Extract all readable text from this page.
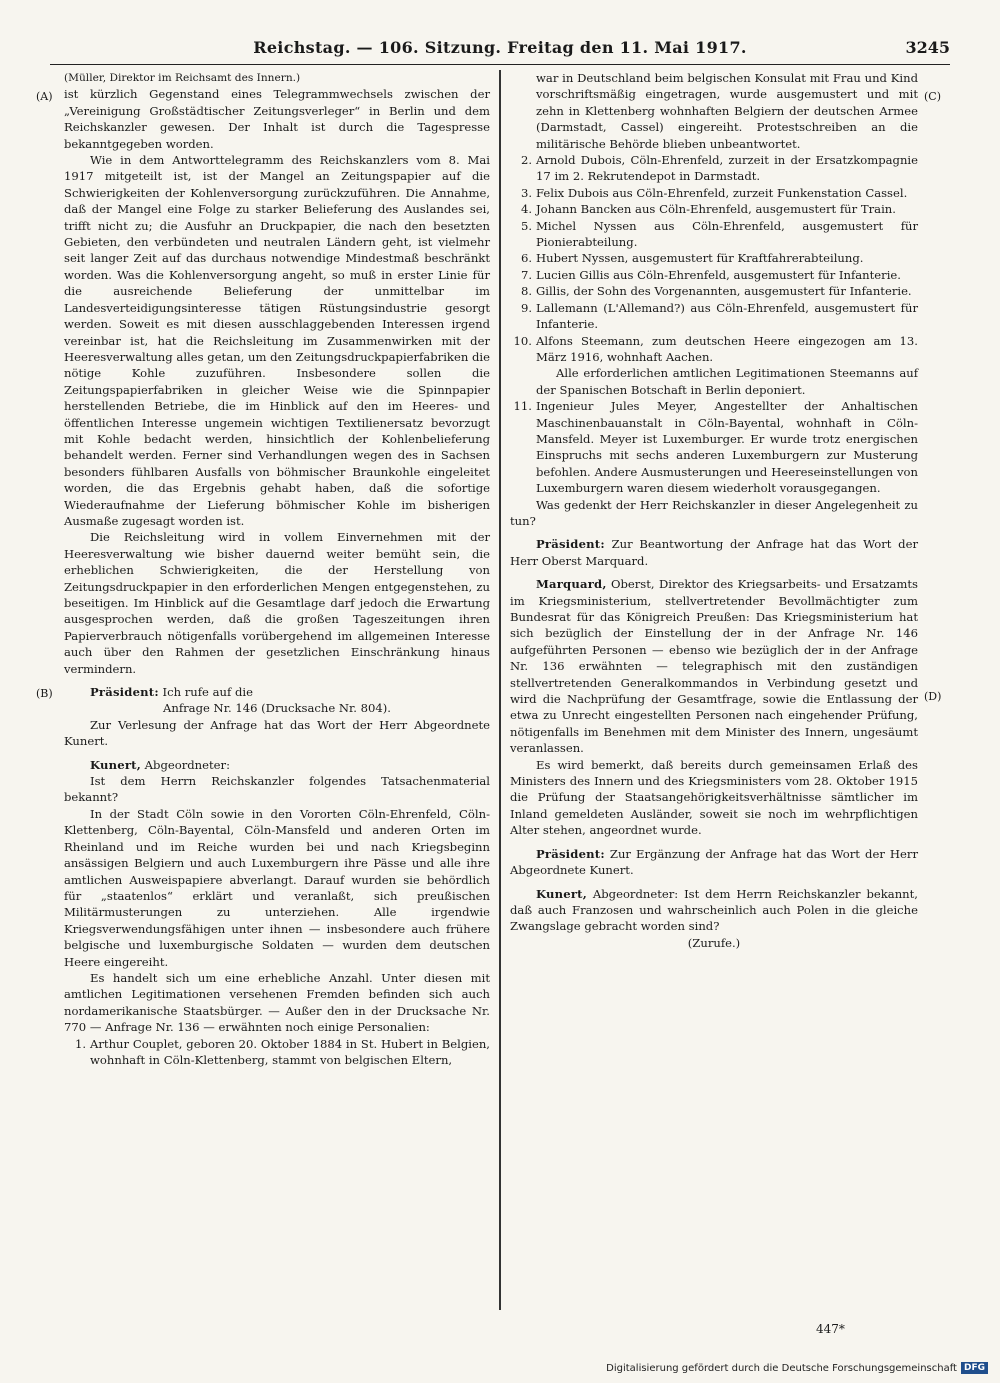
Reichstag. — 106. Sitzung. Freitag den 11. Mai 1917.	3245
(A)
(B)
(C)
(D)

(Müller, Direktor im Reichsamt des Innern.)

ist kürzlich Gegenstand eines Telegrammwechsels zwischen der „Vereinigung Großstädtischer Zeitungsverleger“ in Berlin und dem Reichskanzler gewesen. Der Inhalt ist durch die Tagespresse bekanntgegeben worden.

Wie in dem Antworttelegramm des Reichskanzlers vom 8. Mai 1917 mitgeteilt ist, ist der Mangel an Zeitungspapier auf die Schwierigkeiten der Kohlenversorgung zurückzuführen. Die Annahme, daß der Mangel eine Folge zu starker Belieferung des Auslandes sei, trifft nicht zu; die Ausfuhr an Druckpapier, die nach den besetzten Gebieten, den verbündeten und neutralen Ländern geht, ist vielmehr seit langer Zeit auf das durchaus notwendige Mindestmaß beschränkt worden. Was die Kohlenversorgung angeht, so muß in erster Linie für die ausreichende Belieferung der unmittelbar im Landesverteidigungsinteresse tätigen Rüstungsindustrie gesorgt werden. Soweit es mit diesen ausschlaggebenden Interessen irgend vereinbar ist, hat die Reichsleitung im Zusammenwirken mit der Heeresverwaltung alles getan, um den Zeitungsdruckpapierfabriken die nötige Kohle zuzuführen. Insbesondere sollen die Zeitungspapierfabriken in gleicher Weise wie die Spinnpapier herstellenden Betriebe, die im Hinblick auf den im Heeres- und öffentlichen Interesse ungemein wichtigen Textilienersatz bevorzugt mit Kohle bedacht werden, hinsichtlich der Kohlenbelieferung behandelt werden. Ferner sind Verhandlungen wegen des in Sachsen besonders fühlbaren Ausfalls von böhmischer Braunkohle eingeleitet worden, die das Ergebnis gehabt haben, daß die sofortige Wiederaufnahme der Lieferung böhmischer Kohle im bisherigen Ausmaße zugesagt worden ist.

Die Reichsleitung wird in vollem Einvernehmen mit der Heeresverwaltung wie bisher dauernd weiter bemüht sein, die erheblichen Schwierigkeiten, die der Herstellung von Zeitungsdruckpapier in den erforderlichen Mengen entgegenstehen, zu beseitigen. Im Hinblick auf die Gesamtlage darf jedoch die Erwartung ausgesprochen werden, daß die großen Tageszeitungen ihren Papierverbrauch nötigenfalls vorübergehend im allgemeinen Interesse auch über den Rahmen der gesetzlichen Einschränkung hinaus vermindern.

Präsident: Ich rufe auf die

Anfrage Nr. 146 (Drucksache Nr. 804).

Zur Verlesung der Anfrage hat das Wort der Herr Abgeordnete Kunert.

Kunert, Abgeordneter:

Ist dem Herrn Reichskanzler folgendes Tatsachenmaterial bekannt?

In der Stadt Cöln sowie in den Vororten Cöln-Ehrenfeld, Cöln-Klettenberg, Cöln-Bayental, Cöln-Mansfeld und anderen Orten im Rheinland und im Reiche wurden bei und nach Kriegsbeginn ansässigen Belgiern und auch Luxemburgern ihre Pässe und alle ihre amtlichen Ausweispapiere abverlangt. Darauf wurden sie behördlich für „staatenlos“ erklärt und veranlaßt, sich preußischen Militärmusterungen zu unterziehen. Alle irgendwie Kriegsverwendungsfähigen unter ihnen — insbesondere auch frühere belgische und luxemburgische Soldaten — wurden dem deutschen Heere eingereiht.

Es handelt sich um eine erhebliche Anzahl. Unter diesen mit amtlichen Legitimationen versehenen Fremden befinden sich auch nordamerikanische Staatsbürger. — Außer den in der Drucksache Nr. 770 — Anfrage Nr. 136 — erwähnten noch einige Personalien:

1. Arthur Couplet, geboren 20. Oktober 1884 in St. Hubert in Belgien, wohnhaft in Cöln-Klettenberg, stammt von belgischen Eltern,

war in Deutschland beim belgischen Konsulat mit Frau und Kind vorschriftsmäßig eingetragen, wurde ausgemustert und mit zehn in Klettenberg wohnhaften Belgiern der deutschen Armee (Darmstadt, Cassel) eingereiht. Protestschreiben an die militärische Behörde blieben unbeantwortet.

2. Arnold Dubois, Cöln-Ehrenfeld, zurzeit in der Ersatzkompagnie 17 im 2. Rekrutendepot in Darmstadt.

3. Felix Dubois aus Cöln-Ehrenfeld, zurzeit Funkenstation Cassel.

4. Johann Bancken aus Cöln-Ehrenfeld, ausgemustert für Train.

5. Michel Nyssen aus Cöln-Ehrenfeld, ausgemustert für Pionierabteilung.

6. Hubert Nyssen, ausgemustert für Kraftfahrerabteilung.

7. Lucien Gillis aus Cöln-Ehrenfeld, ausgemustert für Infanterie.

8. Gillis, der Sohn des Vorgenannten, ausgemustert für Infanterie.

9. Lallemann (L'Allemand?) aus Cöln-Ehrenfeld, ausgemustert für Infanterie.

10. Alfons Steemann, zum deutschen Heere eingezogen am 13. März 1916, wohnhaft Aachen.

Alle erforderlichen amtlichen Legitimationen Steemanns auf der Spanischen Botschaft in Berlin deponiert.

11. Ingenieur Jules Meyer, Angestellter der Anhaltischen Maschinenbauanstalt in Cöln-Bayental, wohnhaft in Cöln-Mansfeld. Meyer ist Luxemburger. Er wurde trotz energischen Einspruchs mit sechs anderen Luxemburgern zur Musterung befohlen. Andere Ausmusterungen und Heereseinstellungen von Luxemburgern waren diesem wiederholt vorausgegangen.

Was gedenkt der Herr Reichskanzler in dieser Angelegenheit zu tun?

Präsident: Zur Beantwortung der Anfrage hat das Wort der Herr Oberst Marquard.

Marquard, Oberst, Direktor des Kriegsarbeits- und Ersatzamts im Kriegsministerium, stellvertretender Bevollmächtigter zum Bundesrat für das Königreich Preußen: Das Kriegsministerium hat sich bezüglich der Einstellung der in der Anfrage Nr. 146 aufgeführten Personen — ebenso wie bezüglich der in der Anfrage Nr. 136 erwähnten — telegraphisch mit den zuständigen stellvertretenden Generalkommandos in Verbindung gesetzt und wird die Nachprüfung der Gesamtfrage, sowie die Entlassung der etwa zu Unrecht eingestellten Personen nach eingehender Prüfung, nötigenfalls im Benehmen mit dem Minister des Innern, ungesäumt veranlassen.

Es wird bemerkt, daß bereits durch gemeinsamen Erlaß des Ministers des Innern und des Kriegsministers vom 28. Oktober 1915 die Prüfung der Staatsangehörigkeitsverhältnisse sämtlicher im Inland gemeldeten Ausländer, soweit sie noch im wehrpflichtigen Alter stehen, angeordnet wurde.

Präsident: Zur Ergänzung der Anfrage hat das Wort der Herr Abgeordnete Kunert.

Kunert, Abgeordneter: Ist dem Herrn Reichskanzler bekannt, daß auch Franzosen und wahrscheinlich auch Polen in die gleiche Zwangslage gebracht worden sind?

(Zurufe.)

447*
Digitalisierung gefördert durch die Deutsche Forschungsgemeinschaft DFG
